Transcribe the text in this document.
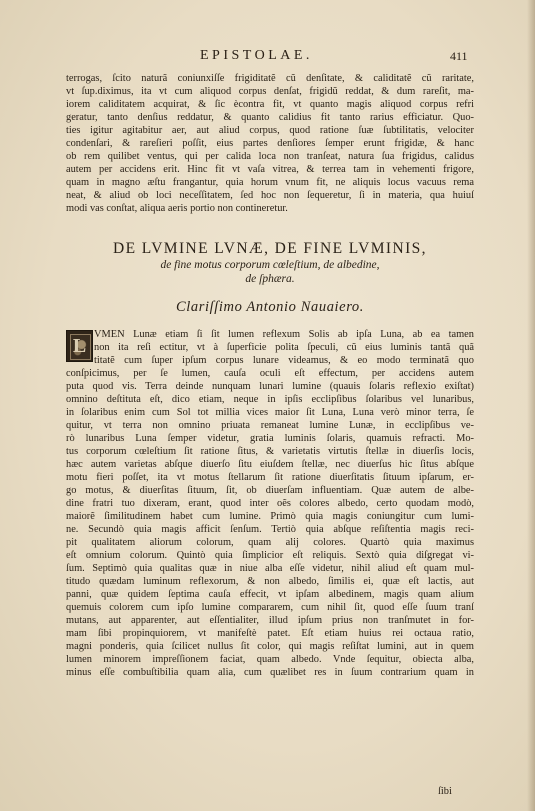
EPISTOLAE.	411
terrogas, ſcito naturã coniunxiſſe frigiditatẽ cũ denſitate, & caliditatẽ cũ raritate,
vt ſup.diximus, ita vt cum aliquod corpus denſat, frigidũ reddat, & dum rareſit, ma-
iorem caliditatem acquirat, & ſic ècontra fit, vt quanto magis aliquod corpus refri
geratur, tanto denſius reddatur, & quanto calidius fit tanto rarius efficiatur. Quo-
ties igitur agitabitur aer, aut aliud corpus, quod ratione ſuæ ſubtilitatis, velociter
condenſari, & rareſieri poſſit, eius partes denſiores ſemper erunt frigidæ, & hanc
ob rem quilibet ventus, qui per calida loca non tranſeat, natura ſua frigidus, calidus
autem per accidens erit. Hinc fit vt vaſa vitrea, & terrea tam in vehementi frigore,
quam in magno æſtu frangantur, quia horum vnum fit, ne aliquis locus vacuus rema
neat, & aliud ob loci neceſſitatem, ſed hoc non ſequeretur, ſi in materia, qua huiuſ
modi vas conſtat, aliqua aeris portio non contineretur.
DE LVMINE LVNÆ, DE FINE LVMINIS,
de fine motus corporum cœleſtium, de albedine,
de ſphæra.
Clariſſimo Antonio Nauaiero.
L
VMEN Lunæ etiam ſi ſit lumen reflexum Solis ab ipſa Luna, ab ea tamen
non ita reſi ectitur, vt à ſuperficie polita ſpeculi, cũ eius luminis tantã quã
titatẽ cum ſuper ipſum corpus lunare videamus, & eo modo terminatã quo
conſpicimus, per ſe lumen, cauſa oculi eſt effectum, per accidens autem
puta quod vis. Terra deinde nunquam lunari lumine (quauis ſolaris reflexio exiſtat)
omnino deſtituta eſt, dico etiam, neque in ipſis ecclipſibus ſolaribus vel lunaribus,
in ſolaribus enim cum Sol tot millia vices maior ſit Luna, Luna verò minor terra, ſe
quitur, vt terra non omnino priuata remaneat lumine Lunæ, in ecclipſibus ve-
rò lunaribus Luna ſemper videtur, gratia luminis ſolaris, quamuis refracti. Mo-
tus corporum cœleſtium ſit ratione ſitus, & varietatis virtutis ſtellæ in diuerſis locis,
hæc autem varietas abſque diuerſo ſitu eiuſdem ſtellæ, nec diuerſus hic ſitus abſque
motu fieri poſſet, ita vt motus ſtellarum ſit ratione diuerſitatis ſituum ipſarum, er-
go motus, & diuerſitas ſituum, ſit, ob diuerſam influentiam. Quæ autem de albe-
dine fratri tuo dixeram, erant, quod inter oẽs colores albedo, certo quodam modò,
maiorẽ ſimilitudinem habet cum lumine. Primò quia magis coniungitur cum lumi-
ne. Secundò quia magis afficit ſenſum. Tertiò quia abſque reſiſtentia magis reci-
pit qualitatem aliorum colorum, quam alij colores. Quartò quia maximus
eſt omnium colorum. Quintò quia ſimplicior eſt reliquis. Sextò quia diſgregat vi-
ſum. Septimò quia qualitas quæ in niue alba eſſe videtur, nihil aliud eſt quam mul-
titudo quædam luminum reflexorum, & non albedo, ſimilis ei, quæ eſt lactis, aut
panni, quæ quidem ſeptima cauſa effecit, vt ipſam albedinem, magis quam alium
quemuis colorem cum ipſo lumine compararem, cum nihil ſit, quod eſſe ſuum tranſ
mutans, aut apparenter, aut eſſentialiter, illud ipſum prius non tranſmutet in for-
mam ſibi propinquiorem, vt manifeſtè patet. Eſt etiam huius rei octaua ratio,
magni ponderis, quia ſcilicet nullus ſit color, qui magis reſiſtat lumini, aut in quem
lumen minorem impreſſionem faciat, quam albedo. Vnde ſequitur, obiecta alba,
minus eſſe combuſtibilia quam alia, cum quælibet res in ſuum contrarium quam in
ſibi
